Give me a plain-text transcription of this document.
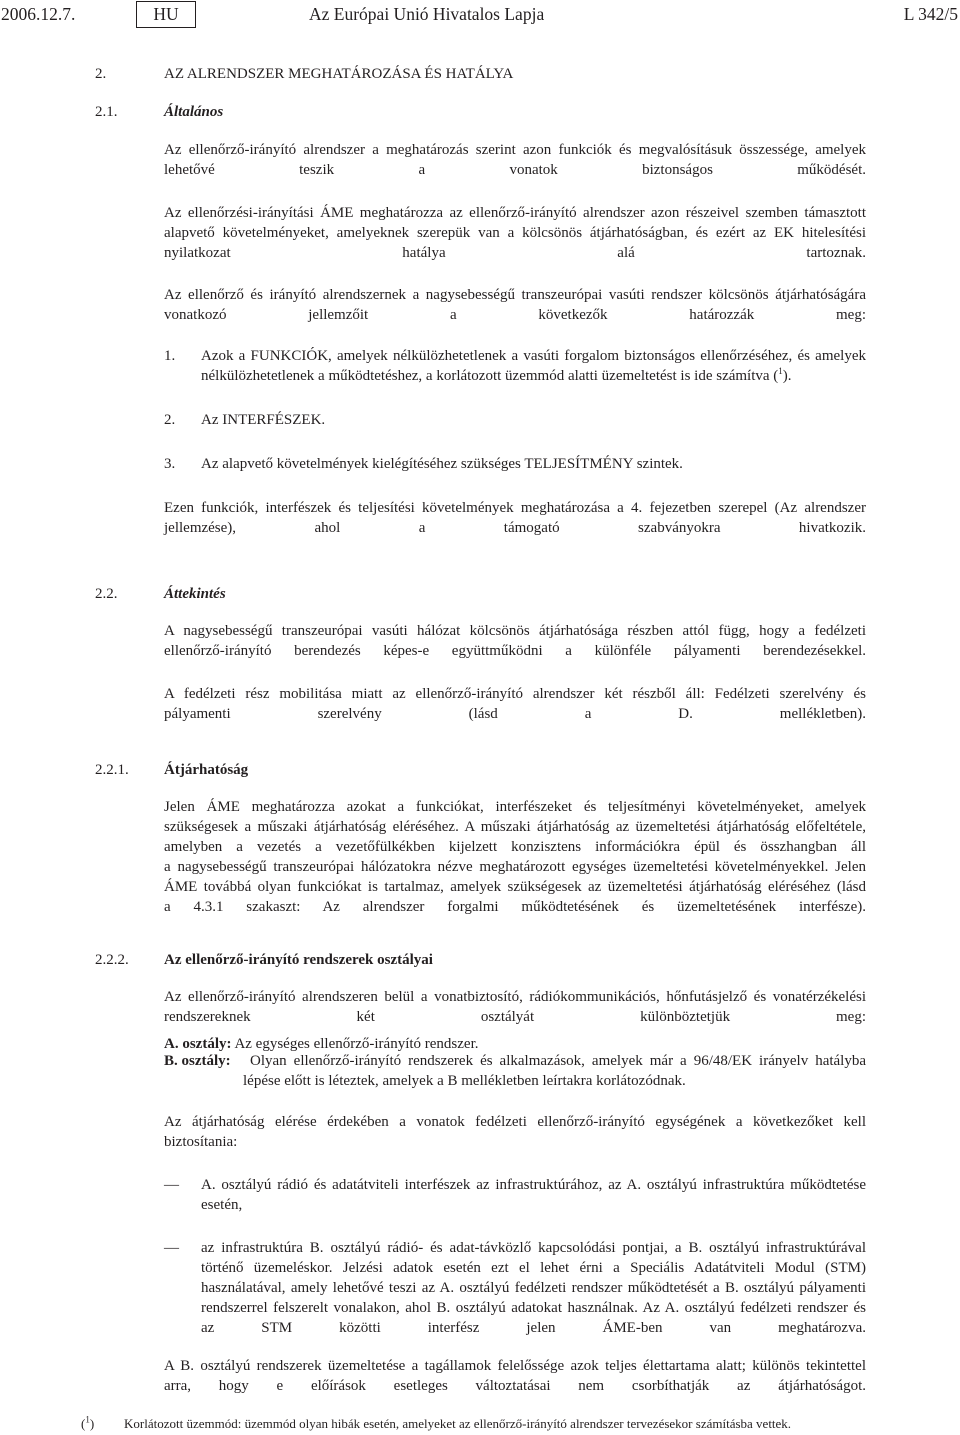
2006.12.7.	HU	Az Európai Unió Hivatalos Lapja	L 342/5
2.	AZ ALRENDSZER MEGHATÁROZÁSA ÉS HATÁLYA
2.1.	Általános
Az ellenőrző-irányító alrendszer a meghatározás szerint azon funkciók és megvalósításuk összessége, amelyek
lehetővé teszik a vonatok biztonságos működését.
Az ellenőrzési-irányítási ÁME meghatározza az ellenőrző-irányító alrendszer azon részeivel szemben támasztott
alapvető követelményeket, amelyeknek szerepük van a kölcsönös átjárhatóságban, és ezért az EK hitelesítési
nyilatkozat hatálya alá tartoznak.
Az ellenőrző és irányító alrendszernek a nagysebességű transzeurópai vasúti rendszer kölcsönös átjárhatóságára
vonatkozó jellemzőit a következők határozzák meg:
1. Azok a FUNKCIÓK, amelyek nélkülözhetetlenek a vasúti forgalom biztonságos ellenőrzéséhez, és amelyek
nélkülözhetetlenek a működtetéshez, a korlátozott üzemmód alatti üzemeltetést is ide számítva ($^1$).
2. Az INTERFÉSZEK.
3. Az alapvető követelmények kielégítéséhez szükséges TELJESÍTMÉNY szintek.
Ezen funkciók, interfészek és teljesítési követelmények meghatározása a 4. fejezetben szerepel (Az alrendszer
jellemzése), ahol a támogató szabványokra hivatkozik.
2.2.	Áttekintés
A nagysebességű transzeurópai vasúti hálózat kölcsönös átjárhatósága részben attól függ, hogy a fedélzeti
ellenőrző-irányító berendezés képes-e együttműködni a különféle pályamenti berendezésekkel.
A fedélzeti rész mobilitása miatt az ellenőrző-irányító alrendszer két részből áll: Fedélzeti szerelvény és
pályamenti szerelvény (lásd a D. mellékletben).
2.2.1. Átjárhatóság
Jelen ÁME meghatározza azokat a funkciókat, interfészeket és teljesítményi követelményeket, amelyek
szükségesek a műszaki átjárhatóság eléréséhez. A műszaki átjárhatóság az üzemeltetési átjárhatóság előfeltétele,
amelyben a vezetés a vezetőfülkékben kijelzett konzisztens információkra épül és összhangban áll
a nagysebességű transzeurópai hálózatokra nézve meghatározott egységes üzemeltetési követelményekkel. Jelen
ÁME továbbá olyan funkciókat is tartalmaz, amelyek szükségesek az üzemeltetési átjárhatóság eléréséhez (lásd
a 4.3.1 szakaszt: Az alrendszer forgalmi működtetésének és üzemeltetésének interfésze).
2.2.2. Az ellenőrző-irányító rendszerek osztályai
Az ellenőrző-irányító alrendszeren belül a vonatbiztosító, rádiókommunikációs, hőnfutásjelző és vonatérzékelési
rendszereknek két osztályát különböztetjük meg:
A. osztály: Az egységes ellenőrző-irányító rendszer.
B. osztály:	Olyan ellenőrző-irányító rendszerek és alkalmazások, amelyek már a 96/48/EK irányelv hatályba
lépése előtt is léteztek, amelyek a B mellékletben leírtakra korlátozódnak.
Az átjárhatóság elérése érdekében a vonatok fedélzeti ellenőrző-irányító egységének a következőket kell
biztosítania:
— A. osztályú rádió és adatátviteli interfészek az infrastruktúrához, az A. osztályú infrastruktúra működtetése
esetén,
— az infrastruktúra B. osztályú rádió- és adat-távközlő kapcsolódási pontjai, a B. osztályú infrastruktúrával
történő üzemeléskor. Jelzési adatok esetén ezt el lehet érni a Speciális Adatátviteli Modul (STM)
használatával, amely lehetővé teszi az A. osztályú fedélzeti rendszer működtetését a B. osztályú pályamenti
rendszerrel felszerelt vonalakon, ahol B. osztályú adatokat használnak. Az A. osztályú fedélzeti rendszer és
az STM közötti interfész jelen ÁME-ben van meghatározva.
A B. osztályú rendszerek üzemeltetése a tagállamok felelőssége azok teljes élettartama alatt; különös tekintettel
arra, hogy e előírások esetleges változtatásai nem csorbíthatják az átjárhatóságot.
($^1$) Korlátozott üzemmód: üzemmód olyan hibák esetén, amelyeket az ellenőrző-irányító alrendszer tervezésekor számításba vettek.
